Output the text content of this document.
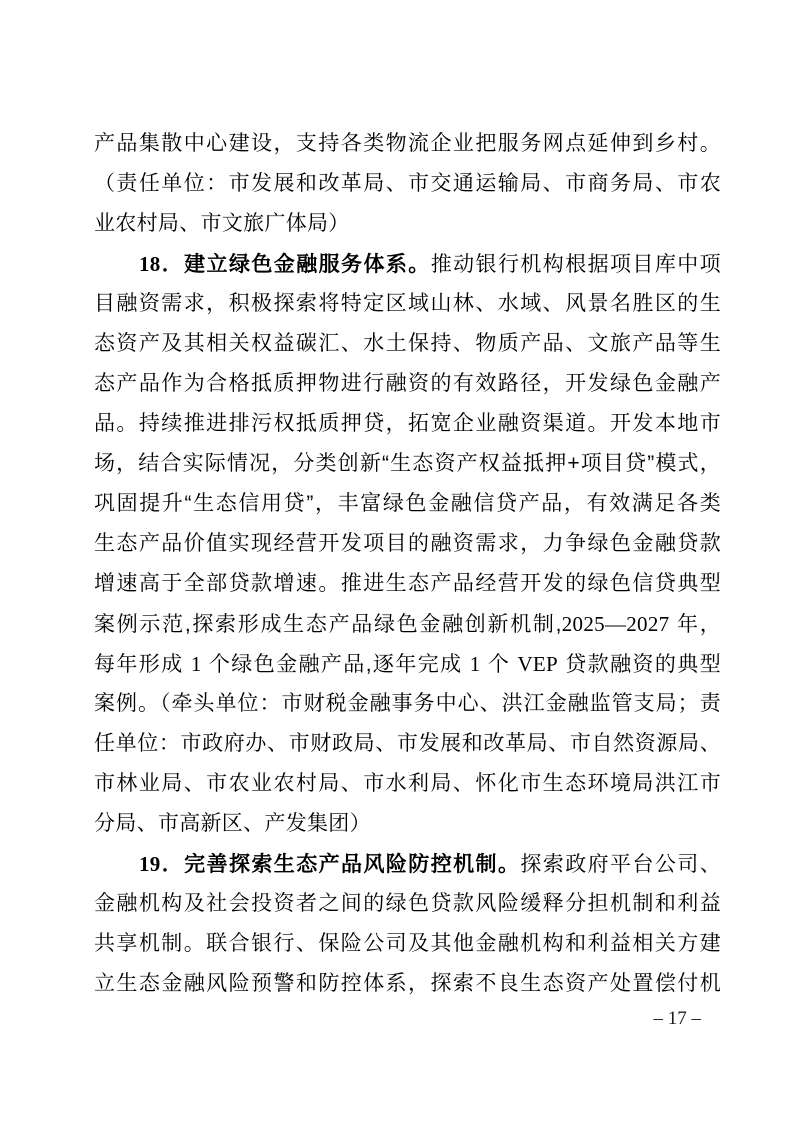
产品集散中心建设，支持各类物流企业把服务网点延伸到乡村。
（责任单位：市发展和改革局、市交通运输局、市商务局、市农
业农村局、市文旅广体局）
18．建立绿色金融服务体系。推动银行机构根据项目库中项
目融资需求，积极探索将特定区域山林、水域、风景名胜区的生
态资产及其相关权益碳汇、水土保持、物质产品、文旅产品等生
态产品作为合格抵质押物进行融资的有效路径，开发绿色金融产
品。持续推进排污权抵质押贷，拓宽企业融资渠道。开发本地市
场，结合实际情况，分类创新“生态资产权益抵押+项目贷”模式，
巩固提升“生态信用贷”，丰富绿色金融信贷产品，有效满足各类
生态产品价值实现经营开发项目的融资需求，力争绿色金融贷款
增速高于全部贷款增速。推进生态产品经营开发的绿色信贷典型
案例示范,探索形成生态产品绿色金融创新机制,2025—2027 年，
每年形成 1 个绿色金融产品,逐年完成 1 个 VEP 贷款融资的典型
案例。（牵头单位：市财税金融事务中心、洪江金融监管支局；责
任单位：市政府办、市财政局、市发展和改革局、市自然资源局、
市林业局、市农业农村局、市水利局、怀化市生态环境局洪江市
分局、市高新区、产发集团）
19．完善探索生态产品风险防控机制。探索政府平台公司、
金融机构及社会投资者之间的绿色贷款风险缓释分担机制和利益
共享机制。联合银行、保险公司及其他金融机构和利益相关方建
立生态金融风险预警和防控体系，探索不良生态资产处置偿付机
– 17 –
